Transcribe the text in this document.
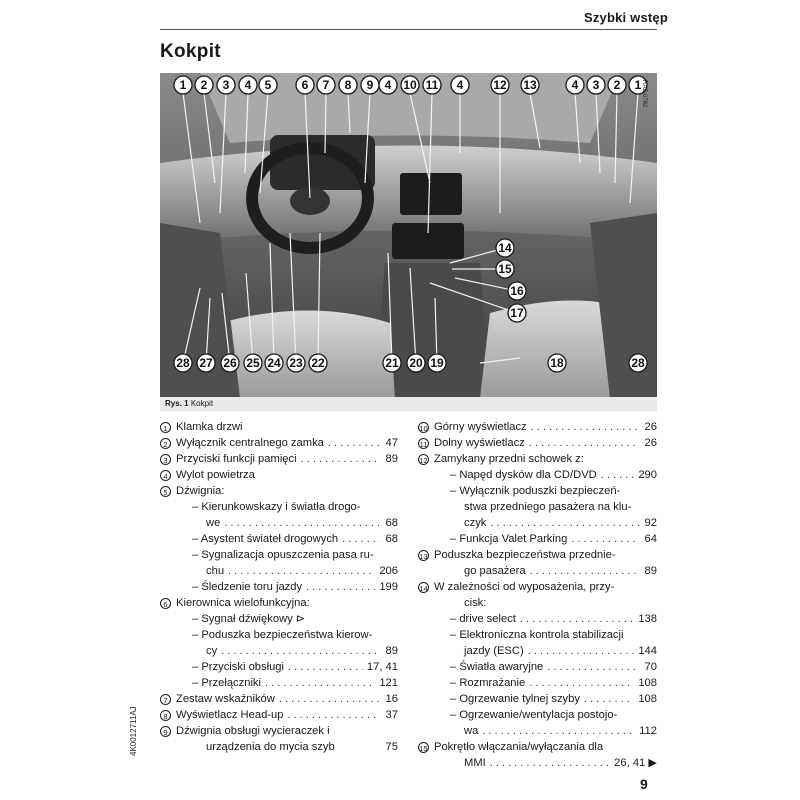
Szybki wstęp
Kokpit
1 2 3 4 5	6 7 8 9 4 10 11 4 12 13	4 3 2 1
14
15
16
17
28 27 26 25 24 23 22	21 20 19	18	28
RAZ-0782
Rys. 1 Kokpit
4K0012711AJ
1 Klamka drzwi
2 Wyłącznik centralnego zamka .....	47
3 Przyciski funkcji pamięci .....	89
4 Wylot powietrza
5 Dźwignia:
– Kierunkowskazy i światła drogo-
we .....	68
– Asystent świateł drogowych .....	68
– Sygnalizacja opuszczenia pasa ru-
chu .....	206
– Śledzenie toru jazdy .....	199
6 Kierownica wielofunkcyjna:
– Sygnał dźwiękowy ⊳
– Poduszka bezpieczeństwa kierow-
cy .....	89
– Przyciski obsługi .....	17, 41
– Przełączniki .....	121
7 Zestaw wskaźników .....	16
8 Wyświetlacz Head-up .....	37
9 Dźwignia obsługi wycieraczek i
urządzenia do mycia szyb	75
10 Górny wyświetlacz .....	26
11 Dolny wyświetlacz .....	26
12 Zamykany przedni schowek z:
– Napęd dysków dla CD/DVD .....	290
– Wyłącznik poduszki bezpieczeń-
stwa przedniego pasażera na klu-
czyk .....	92
– Funkcja Valet Parking .....	64
13 Poduszka bezpieczeństwa przednie-
go pasażera .....	89
14 W zależności od wyposażenia, przy-
cisk:
– drive select .....	138
– Elektroniczna kontrola stabilizacji
jazdy (ESC) .....	144
– Światła awaryjne .....	70
– Rozmrażanie .....	108
– Ogrzewanie tylnej szyby .....	108
– Ogrzewanie/wentylacja postojo-
wa .....	112
15 Pokrętło włączania/wyłączania dla
MMI .....	26, 41 ▶
9
